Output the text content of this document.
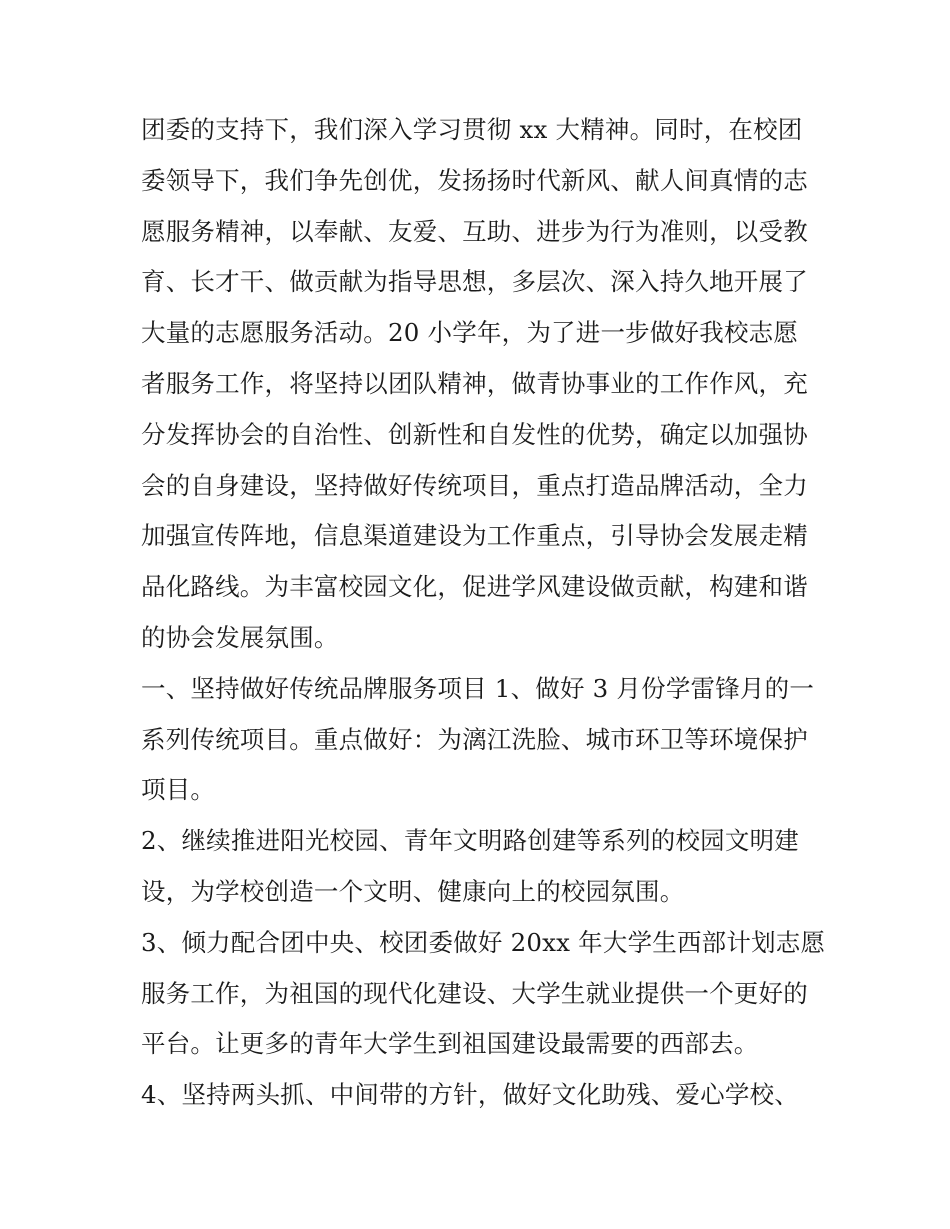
团委的支持下，我们深入学习贯彻 xx 大精神。同时，在校团
委领导下，我们争先创优，发扬扬时代新风、献人间真情的志
愿服务精神，以奉献、友爱、互助、进步为行为准则，以受教
育、长才干、做贡献为指导思想，多层次、深入持久地开展了
大量的志愿服务活动。20 小学年，为了进一步做好我校志愿
者服务工作，将坚持以团队精神，做青协事业的工作作风，充
分发挥协会的自治性、创新性和自发性的优势，确定以加强协
会的自身建设，坚持做好传统项目，重点打造品牌活动，全力
加强宣传阵地，信息渠道建设为工作重点，引导协会发展走精
品化路线。为丰富校园文化，促进学风建设做贡献，构建和谐
的协会发展氛围。
一、坚持做好传统品牌服务项目 1、做好 3 月份学雷锋月的一
系列传统项目。重点做好：为漓江洗脸、城市环卫等环境保护
项目。
2、继续推进阳光校园、青年文明路创建等系列的校园文明建
设，为学校创造一个文明、健康向上的校园氛围。
3、倾力配合团中央、校团委做好 20xx 年大学生西部计划志愿
服务工作，为祖国的现代化建设、大学生就业提供一个更好的
平台。让更多的青年大学生到祖国建设最需要的西部去。
4、坚持两头抓、中间带的方针，做好文化助残、爱心学校、
